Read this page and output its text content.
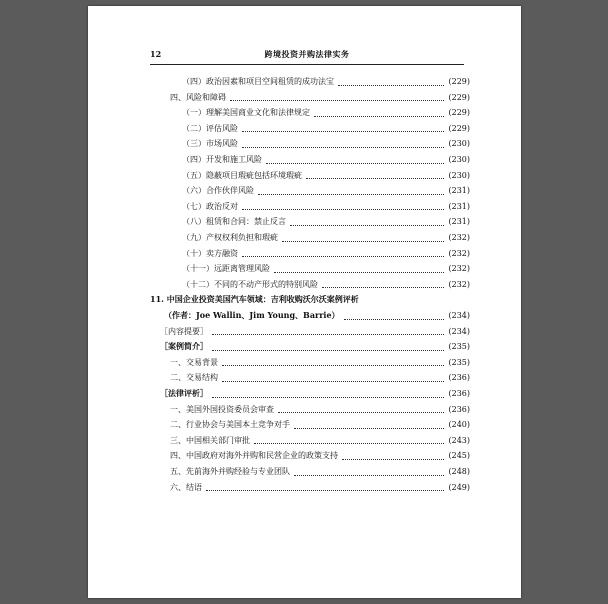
12	跨境投资并购法律实务
（四）政治因素和项目空间租赁的成功法宝	(229)
四、风险和障碍	(229)
（一）理解美国商业文化和法律规定	(229)
（二）评估风险	(229)
（三）市场风险	(230)
（四）开发和施工风险	(230)
（五）隐蔽项目瑕疵包括环境瑕疵	(230)
（六）合作伙伴风险	(231)
（七）政治反对	(231)
（八）租赁和合同：禁止反言	(231)
（九）产权权利负担和瑕疵	(232)
（十）卖方融资	(232)
（十一）远距离管理风险	(232)
（十二）不同的不动产形式的特别风险	(232)
11. 中国企业投资美国汽车领域：吉利收购沃尔沃案例评析
（作者：Joe Wallin、Jim Young、Barrie）	(234)
［内容提要］	(234)
［案例简介］	(235)
一、交易背景	(235)
二、交易结构	(236)
［法律评析］	(236)
一、美国外国投资委员会审查	(236)
二、行业协会与美国本土竞争对手	(240)
三、中国相关部门审批	(243)
四、中国政府对海外并购和民营企业的政策支持	(245)
五、先前海外并购经验与专业团队	(248)
六、结语	(249)
